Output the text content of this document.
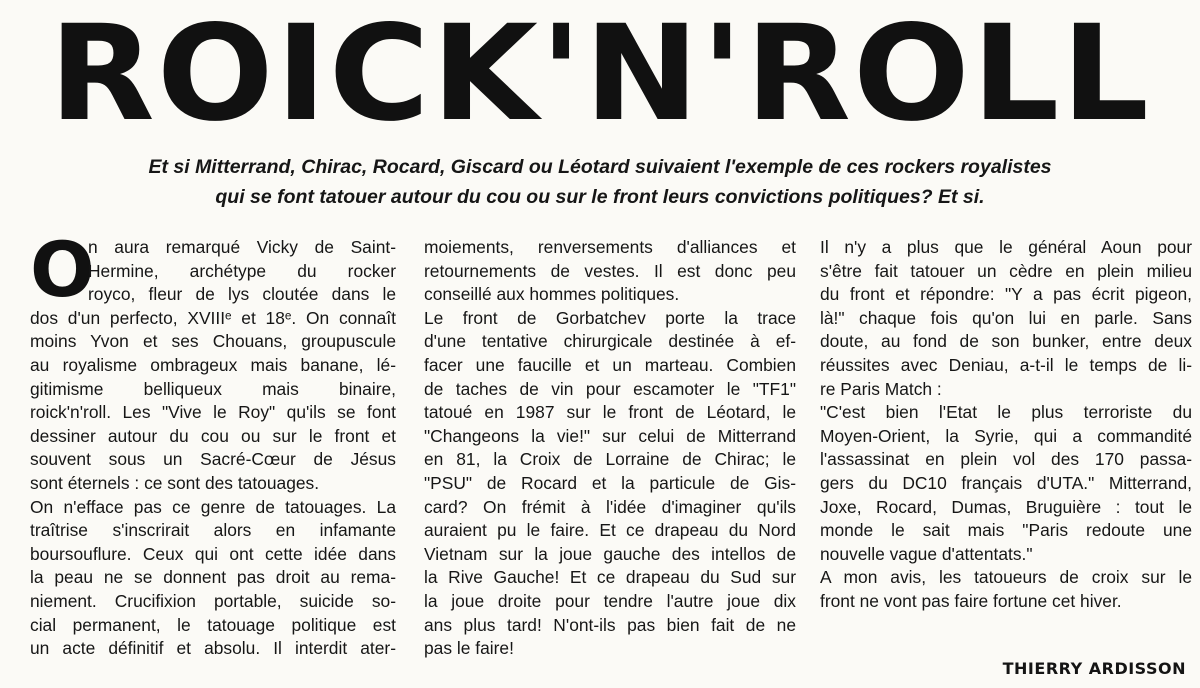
ROICK'N'ROLL
Et si Mitterrand, Chirac, Rocard, Giscard ou Léotard suivaient l'exemple de ces rockers royalistes
qui se font tatouer autour du cou ou sur le front leurs convictions politiques? Et si.
O
n aura remarqué Vicky de Saint-
Hermine, archétype du rocker
royco, fleur de lys cloutée dans le
dos d'un perfecto, XVIIIᵉ et 18ᵉ. On connaît
moins Yvon et ses Chouans, groupuscule
au royalisme ombrageux mais banane, lé-
gitimisme belliqueux mais binaire,
roick'n'roll. Les "Vive le Roy" qu'ils se font
dessiner autour du cou ou sur le front et
souvent sous un Sacré-Cœur de Jésus
sont éternels : ce sont des tatouages.
On n'efface pas ce genre de tatouages. La
traîtrise s'inscrirait alors en infamante
boursouflure. Ceux qui ont cette idée dans
la peau ne se donnent pas droit au rema-
niement. Crucifixion portable, suicide so-
cial permanent, le tatouage politique est
un acte définitif et absolu. Il interdit ater-
moiements, renversements d'alliances et
retournements de vestes. Il est donc peu
conseillé aux hommes politiques.
Le front de Gorbatchev porte la trace
d'une tentative chirurgicale destinée à ef-
facer une faucille et un marteau. Combien
de taches de vin pour escamoter le "TF1"
tatoué en 1987 sur le front de Léotard, le
"Changeons la vie!" sur celui de Mitterrand
en 81, la Croix de Lorraine de Chirac; le
"PSU" de Rocard et la particule de Gis-
card? On frémit à l'idée d'imaginer qu'ils
auraient pu le faire. Et ce drapeau du Nord
Vietnam sur la joue gauche des intellos de
la Rive Gauche! Et ce drapeau du Sud sur
la joue droite pour tendre l'autre joue dix
ans plus tard! N'ont-ils pas bien fait de ne
pas le faire!
Il n'y a plus que le général Aoun pour
s'être fait tatouer un cèdre en plein milieu
du front et répondre: "Y a pas écrit pigeon,
là!" chaque fois qu'on lui en parle. Sans
doute, au fond de son bunker, entre deux
réussites avec Deniau, a-t-il le temps de li-
re Paris Match :
"C'est bien l'Etat le plus terroriste du
Moyen-Orient, la Syrie, qui a commandité
l'assassinat en plein vol des 170 passa-
gers du DC10 français d'UTA." Mitterrand,
Joxe, Rocard, Dumas, Bruguière : tout le
monde le sait mais "Paris redoute une
nouvelle vague d'attentats."
A mon avis, les tatoueurs de croix sur le
front ne vont pas faire fortune cet hiver.
THIERRY ARDISSON
